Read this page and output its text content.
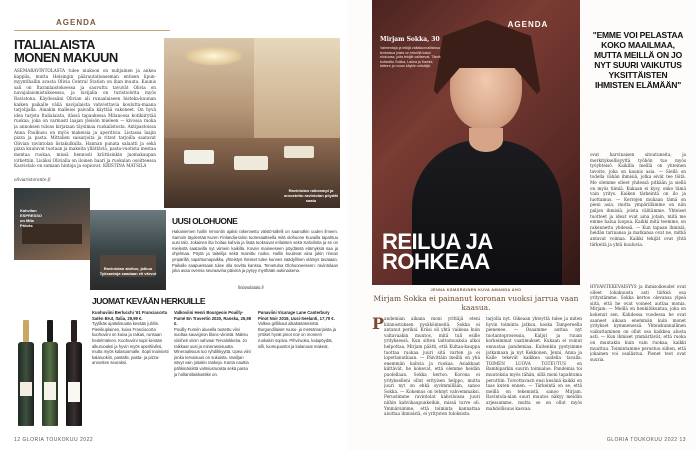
AGENDA
ITALIALAISTA
MONEN MAKUUN
ASEMARAVINTOLASTA tulee niukoon on nuhjuinen ja ankea kappila, mutta Helsingin päärautatieaseman entisen lipun-myyntihallin avasta Olivia Central Station on ihan muuta. Kaunis sali on Itaranlaistokoessa ja sauvuttu tavuvät Olivia on navajalaiomistukseessa, ja luvijalla on turistiolotta myös Ravistona. Käydessäni Olivian ali runaalaiseen bisteka-kuunan kaiken paikalle väliä navijulaista vahviottavia koulutta-maana tarjolijalla. Ainakin malleiss paivalla käyttää vakoneet. On hyvä idea tarjota Italialaista, itässä tapaukessa Milanossa kotikiirytää ruokaa, joka on varmasti laajan yleisön mieleen — kivossa ruoka ja annoksen tuloas kirjataan täysimaa ruokalistosta. Antipastoissa Anna Paulkusu on myös makeisia ja aperitivia. Listassa laajin pizza ja pasta. Mittalien saisarjoita ja ritzot tarjoilla saatavat Olivian ravintolan listakulkulla. Hannan punata salaatti ja sekä pizza kuuluvat tuotaan ja makeita yllättäviä, pasta-vuotista mestaa mentaa ruokaa, missä hennosti kriittisinkin juomakaupan virkettiin. Lisäksi Olivialla on iloinen baari ja ruokalan osoitteessa Kasvistalo on samaan hintoja ja sopiuvat. KRISTINA MATSILA
oliviaristorante.fi
Ravintolan raikeampi ja arvostettu ravintolan pöydät saatu
Kahvilan
ESPRESSO
on Mila
Päiväs
Ravintolan aloitus, jatkuu Työsantoja saadaan eli värvot
UUSI OLOHUONE
Hakaniemen hallin remontin ajaksi rakennettu väistö-tallelli on saanutkin uuden ilmeen. Samoin täydentää Kuren Finlandia-talon tuoresaatteella mitä olohuone Kuvailla tapahtuu uusi talo. Jokainen ilta hoitaa kahvia ja lisää tuoksuvat erilaisten sekä Kahviloita ja se on mielestä saatavilla nyt viimein kaikilla. Kovan maineeseen pöydässä elämyksiä saa ja ohjelmaa. Pöytä ja taiteilija sekä mainittu ruoka. Hallin kuulevat aina jokin rinnan ympärillä, tapahtumapaikka, yhteistyö ihmiset tulee kunnes säädyllinen elämys tavataan. Paikalle saapuessaan tulee olla sovittu kanssa. Tervetuloa Olohuoneeseen: ravintolaan joka avaa ovensa seuraavina päivinä ja pysyy myöhään aukinaisena.
finlandiatalo.fi
JUOMAT KEVÄÄN HERKUILLE
Kuohuviini Berlucchi '61 Franciacorta Satèn Brut, Italia, 29,99 €.
Tyylikäs ajattelisuutta kevään juhliin. Pienikuplainen, kuiva Franciacorta kuohuviini on kuiva ja raikas, runsaan hedelmäinen. Kuohuviini sopii kevään alkuruoaksi ja hyvin myös aperitiiviksi, mutta myös kalasuomalle. Sopii mainiosti kalaruokiin, pastalle, pasta- ja pizza-annosten seuraksi.
Valkoviini Henri Bourgeois Pouilly-Fumé En Travertin 2020, Ranska, 25,98 €.
Pouilly-Fumén alueella tuotettu viini suoltaa sauvignon blanc-viinistä. Maksu viiniheti viinin vahvaa! Tervalokkeita. Jo raikkaat uusi ja minerasoisuutta. Mineraalisuus tuo ryhdikkyyttä. Upea viini jonka tervaisuus on sukuista. Vaniljan sävyt vain joitakin rankeja. Kanta nauttia pähkinäisistä valmiusruoista sekä parsa ja hollantilaiskastike on.
Punaviini Vicarage Lane Canterbury Pinot Noir 2019, Uusi-Seelanti, 17,70 €.
Valkea grillikaut alkakäänteisistä. Burgundilaiset ruusu- ja metsämarjoista ja yrttiset hyvät pinot noir on moneen ruokakin sopiva. Pihviruoka, kalapöydät, silli, luomujuustot ja kalaruoat makeat.
12 GLORIA TOUKOKUU 2022
Mirjam Sokka, 30
Valmentaja ja tekijä valtakunnallisissa teoksissa joista on tekeillä kaksi elokuvaa, joita tekijät valitsevat. Tämä kotisoitto Sokka, Lakea ja Kawini, taiteen ja ruuan käytön edistäjä.
REILUA JA
ROHKEAA
AGENDA
"EMME VOI PELASTAA KOKO MAAILMAA, MUTTA MEILLÄ ON JO NYT SUURI VAIKUTUS YKSITTÄISTEN IHMISTEN ELÄMÄÄN"
ovat harvinaisen sitoutuneita, ja merkityksellisyyttä työhön tuo myös työyhteisö. Kaikilla meillä on yhteinen tavoite, joka on kaunis asia. — Siellä on todella vähän ihmisiä, jotka eivät tee töitä. Me olemme olleet yhdessä pitkään ja siellä on myös tiimiä. Kukaan ei kysy, onko tämä vain yritys. Kaiken tärkeintä on ilo ja luottamus. — Kerrojen mukaan tämä on pieni asia, mutta ympärillämme on niin paljon ihmisiä, joista välitämme. Yhteiset tuotteet ja ideat ovat aina jotain, mitä me emme halua luopua. Kaikki mitä teemme, on rakennettu yhdessä. — Kun tapaan ihmisiä, heidän tarinansa ja matkansa ovat ne, mitkä antavat voimaa. Kaikki tekijät ovat yhtä tärkeitä ja yhtä kuuluvia.
JENNA KÄMÄRÄINEN KUVA AMANDA AHO
Mirjam Sokka ei painanut koronan vuoksi jarrua vaan kaasua.
P andemian aikana moni yrittäjä eteni kiinnostuksen pysäköinneitä. Sokka ei antanut periksi. Kriisi oli yhtä vaikeaa kuin valtavaakin muutos, mitä tuli esille yrityksessä. Kun sitten laittomuuksia alkoi helpottaa, Mirjam päätti, että Kultaa-kauppa tuottaa ruokaa juuri sitä varten ja ei lopettanutkaan. — Päivittäin meillä on yhä enemmän kahvia ja ruokaa. Asiakkaat kiittävät, he kokevat, että olemme heidän puolellaan. Sokka kertoo. Korona ei yritykselleni ollut erityisen helppo, mutta juuri nyt on ehkä syvimmillään, sanoo Sokka. — Kokemus on tehnyt vahvemmaksi. Perustimme ravintolat kahviloissa juuri niihin kahvikaupunkeihin, missä tarve oli. Ymmärsimme, että toiminta kannattaa aloittaa ihmisistä, ei yritysten tuloksista.
tarjolla nyt. Oikeaan yhteyttä tulee ja miten hyvin toiminta jatkuu, koska Tampereella pienenee. — Osaamme auttaa nyt tuotantoprosessia, Kaljut ja ruuan korkeimmat vaatimukset. Kukaan ei voinut ennustaa pandemiaa. Kuitenkin pystyimme jatkamaan ja nyt Kekkonen, Jenni, Anna ja Kalle tekevät kaikkea uudella tavalla. TOIMEN LUOVA TOTEUTUS on Bambiparkin suurin toimialue. Pandemia toi muutoksia myös tähän, sillä moni tapahtuma peruttiin. Toivottavasti ensi kesänä kaikki on taas kuten ennen. — Tärkeintä on se, että meillä on tekemistä, sanoo Mirjam. Ravintola-alan suuri muutos näkyy meidän arjessamme, mutta se on ollut myös mahdollisuus kasvaa.
HYVÄNTEKEVÄISYYS ja ihmisoikeudet ovat olleet lokakuusta asti tärkeä osa yritystämme. Sokka kertoo olevansa ylpeä siitä, että he ovat voineet auttaa monia. Mirjam: — Meillä on henkilökuntaa, joka on kokenut sen. Kahdessa vuodessa he ovat saaneet aikaan enemmän kuin monet yritykset kymmenessä. Yhteiskunnallinen vaikuttaminen on ollut osa kaikkea alusta asti. — Kun ihmiset ymmärtävät, että ruoka on muutakin kuin vain ruokaa, kaikki muuttuu. Toimintamme perustuu siihen, että jokainen voi osallistua. Pienet teot ovat suuria.
GLORIA TOUKOKUU 2022 13
